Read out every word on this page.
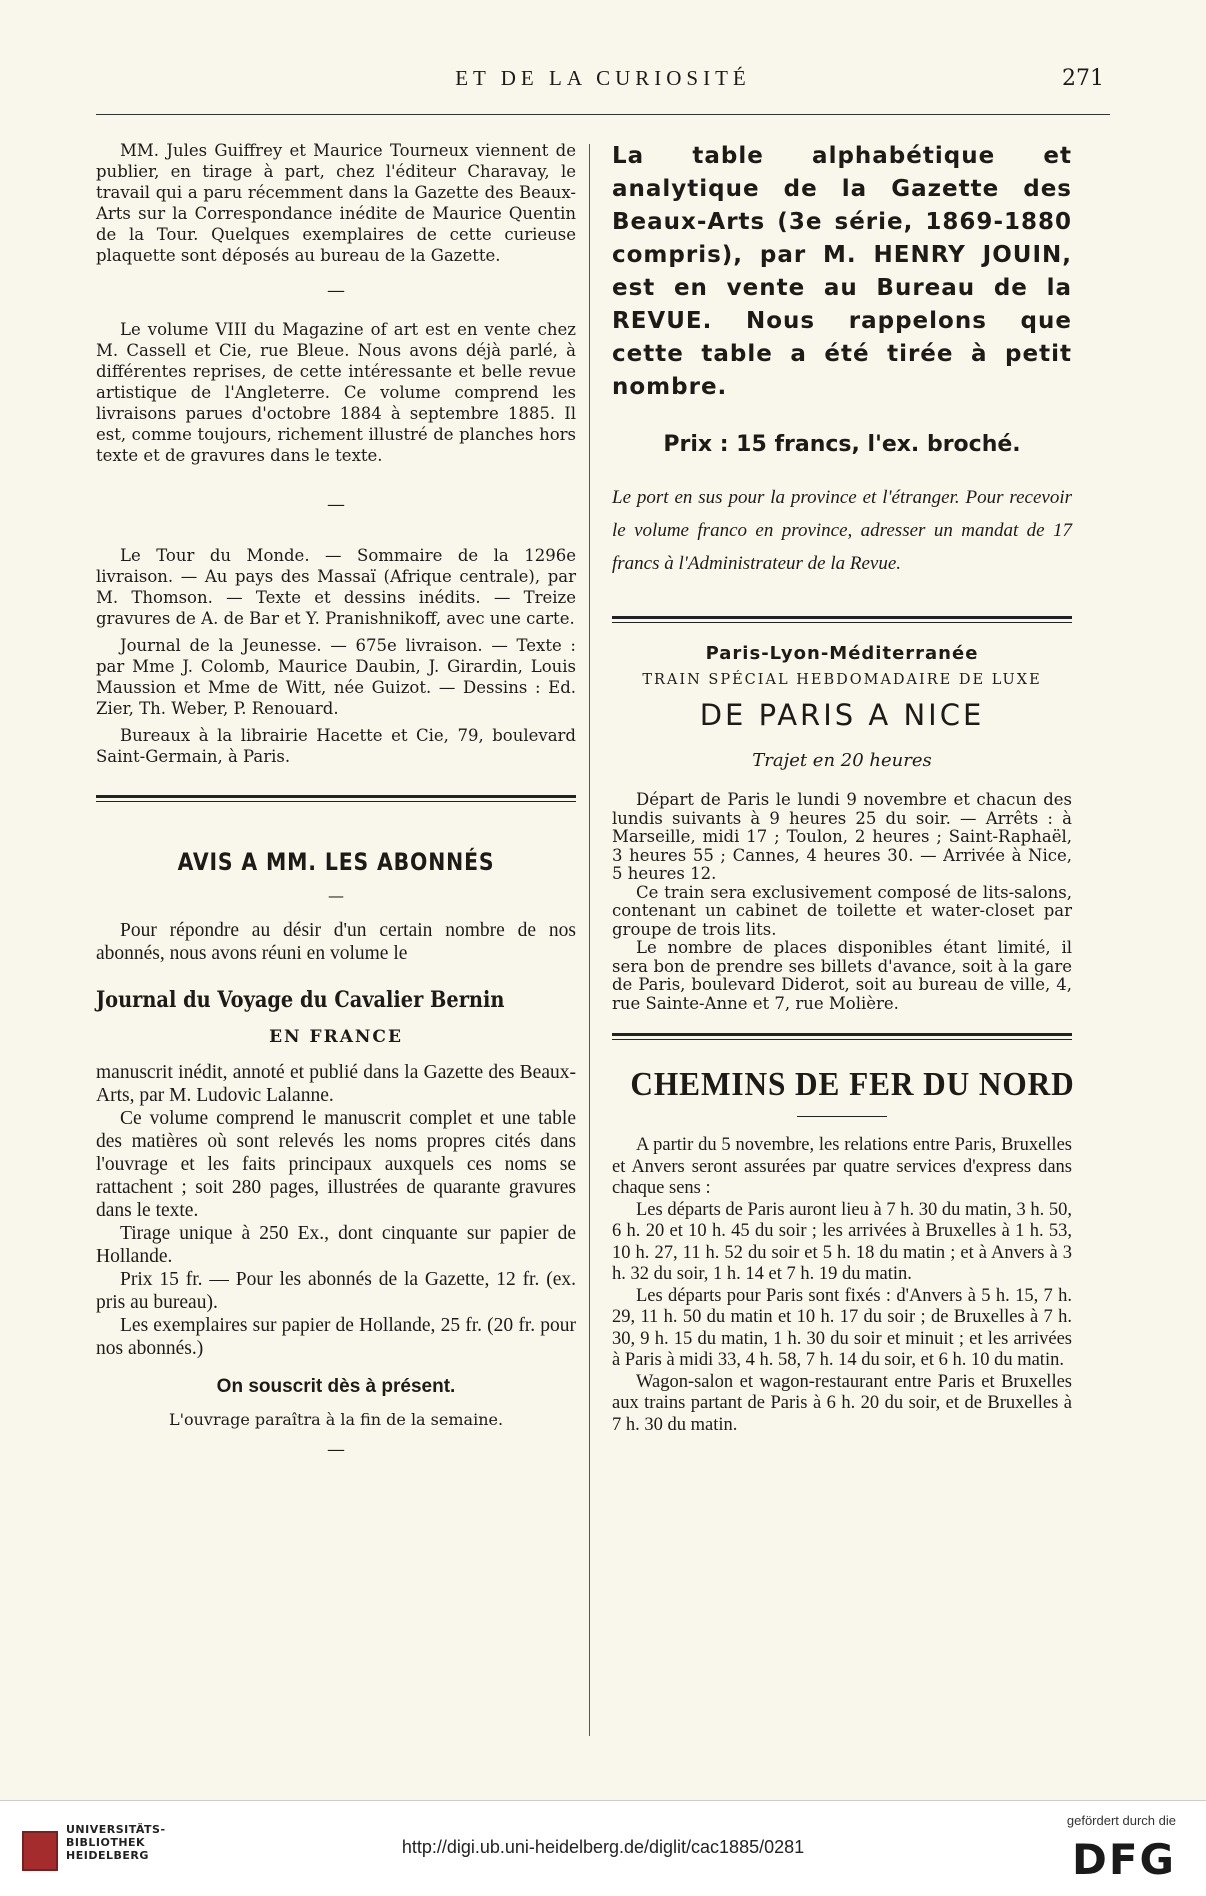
ET DE LA CURIOSITÉ	271

MM. Jules Guiffrey et Maurice Tourneux viennent de publier, en tirage à part, chez l'éditeur Charavay, le travail qui a paru récemment dans la Gazette des Beaux-Arts sur la Correspondance inédite de Maurice Quentin de la Tour. Quelques exemplaires de cette curieuse plaquette sont déposés au bureau de la Gazette.

—

Le volume VIII du Magazine of art est en vente chez M. Cassell et Cie, rue Bleue. Nous avons déjà parlé, à différentes reprises, de cette intéressante et belle revue artistique de l'Angleterre. Ce volume comprend les livraisons parues d'octobre 1884 à septembre 1885. Il est, comme toujours, richement illustré de planches hors texte et de gravures dans le texte.

—

Le Tour du Monde. — Sommaire de la 1296e livraison. — Au pays des Massaï (Afrique centrale), par M. Thomson. — Texte et dessins inédits. — Treize gravures de A. de Bar et Y. Pranishnikoff, avec une carte.

Journal de la Jeunesse. — 675e livraison. — Texte : par Mme J. Colomb, Maurice Daubin, J. Girardin, Louis Maussion et Mme de Witt, née Guizot. — Dessins : Ed. Zier, Th. Weber, P. Renouard.

Bureaux à la librairie Hacette et Cie, 79, boulevard Saint-Germain, à Paris.

AVIS A MM. LES ABONNÉS
—

Pour répondre au désir d'un certain nombre de nos abonnés, nous avons réuni en volume le

Journal du Voyage du Cavalier Bernin
EN FRANCE

manuscrit inédit, annoté et publié dans la Gazette des Beaux-Arts, par M. Ludovic Lalanne.

Ce volume comprend le manuscrit complet et une table des matières où sont relevés les noms propres cités dans l'ouvrage et les faits principaux auxquels ces noms se rattachent ; soit 280 pages, illustrées de quarante gravures dans le texte.

Tirage unique à 250 Ex., dont cinquante sur papier de Hollande.

Prix 15 fr. — Pour les abonnés de la Gazette, 12 fr. (ex. pris au bureau).

Les exemplaires sur papier de Hollande, 25 fr. (20 fr. pour nos abonnés.)

On souscrit dès à présent.
L'ouvrage paraîtra à la fin de la semaine.
—

La table alphabétique et analytique de la Gazette des Beaux-Arts (3e série, 1869-1880 compris), par M. HENRY JOUIN, est en vente au Bureau de la REVUE. Nous rappelons que cette table a été tirée à petit nombre.

Prix : 15 francs, l'ex. broché.

Le port en sus pour la province et l'étranger. Pour recevoir le volume franco en province, adresser un mandat de 17 francs à l'Administrateur de la Revue.

Paris-Lyon-Méditerranée
TRAIN SPÉCIAL HEBDOMADAIRE DE LUXE
DE PARIS A NICE
Trajet en 20 heures

Départ de Paris le lundi 9 novembre et chacun des lundis suivants à 9 heures 25 du soir. — Arrêts : à Marseille, midi 17 ; Toulon, 2 heures ; Saint-Raphaël, 3 heures 55 ; Cannes, 4 heures 30. — Arrivée à Nice, 5 heures 12.

Ce train sera exclusivement composé de lits-salons, contenant un cabinet de toilette et water-closet par groupe de trois lits.

Le nombre de places disponibles étant limité, il sera bon de prendre ses billets d'avance, soit à la gare de Paris, boulevard Diderot, soit au bureau de ville, 4, rue Sainte-Anne et 7, rue Molière.

CHEMINS DE FER DU NORD

A partir du 5 novembre, les relations entre Paris, Bruxelles et Anvers seront assurées par quatre services d'express dans chaque sens :

Les départs de Paris auront lieu à 7 h. 30 du matin, 3 h. 50, 6 h. 20 et 10 h. 45 du soir ; les arrivées à Bruxelles à 1 h. 53, 10 h. 27, 11 h. 52 du soir et 5 h. 18 du matin ; et à Anvers à 3 h. 32 du soir, 1 h. 14 et 7 h. 19 du matin.

Les départs pour Paris sont fixés : d'Anvers à 5 h. 15, 7 h. 29, 11 h. 50 du matin et 10 h. 17 du soir ; de Bruxelles à 7 h. 30, 9 h. 15 du matin, 1 h. 30 du soir et minuit ; et les arrivées à Paris à midi 33, 4 h. 58, 7 h. 14 du soir, et 6 h. 10 du matin.

Wagon-salon et wagon-restaurant entre Paris et Bruxelles aux trains partant de Paris à 6 h. 20 du soir, et de Bruxelles à 7 h. 30 du matin.

UNIVERSITÄTS-
BIBLIOTHEK
HEIDELBERG	http://digi.ub.uni-heidelberg.de/diglit/cac1885/0281
gefördert durch die
DFG
